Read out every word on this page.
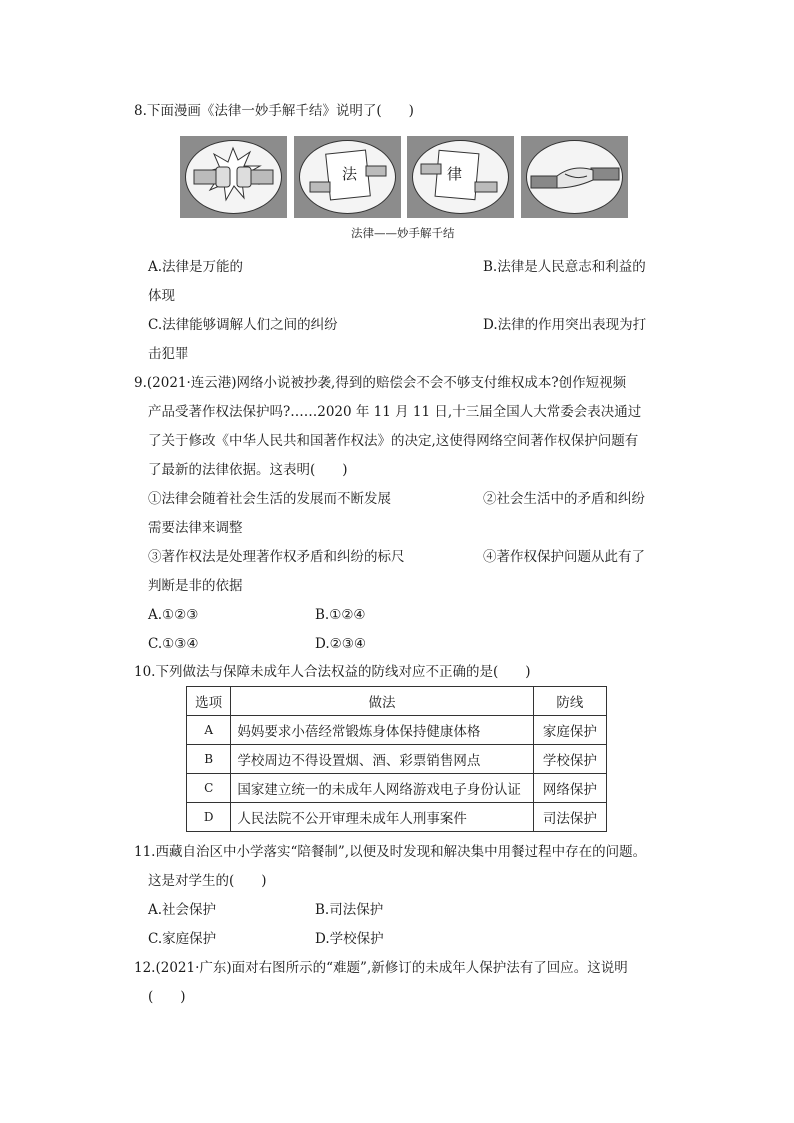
8.下面漫画《法律一妙手解千结》说明了(　　)
法	律
法律——妙手解千结
A.法律是万能的	B.法律是人民意志和利益的
体现
C.法律能够调解人们之间的纠纷	D.法律的作用突出表现为打
击犯罪
9.(2021·连云港)网络小说被抄袭,得到的赔偿会不会不够支付维权成本?创作短视频
产品受著作权法保护吗?……2020 年 11 月 11 日,十三届全国人大常委会表决通过
了关于修改《中华人民共和国著作权法》的决定,这使得网络空间著作权保护问题有
了最新的法律依据。这表明(　　)
①法律会随着社会生活的发展而不断发展	②社会生活中的矛盾和纠纷
需要法律来调整
③著作权法是处理著作权矛盾和纠纷的标尺	④著作权保护问题从此有了
判断是非的依据
A.①②③	B.①②④
C.①③④	D.②③④
10.下列做法与保障未成年人合法权益的防线对应不正确的是(　　)
选项	做法	防线
A	妈妈要求小蓓经常锻炼身体保持健康体格	家庭保护
B	学校周边不得设置烟、酒、彩票销售网点	学校保护
C	国家建立统一的未成年人网络游戏电子身份认证	网络保护
D	人民法院不公开审理未成年人刑事案件	司法保护
11.西藏自治区中小学落实“陪餐制”,以便及时发现和解决集中用餐过程中存在的问题。
这是对学生的(　　)
A.社会保护	B.司法保护
C.家庭保护	D.学校保护
12.(2021·广东)面对右图所示的“难题”,新修订的未成年人保护法有了回应。这说明
(　　)
